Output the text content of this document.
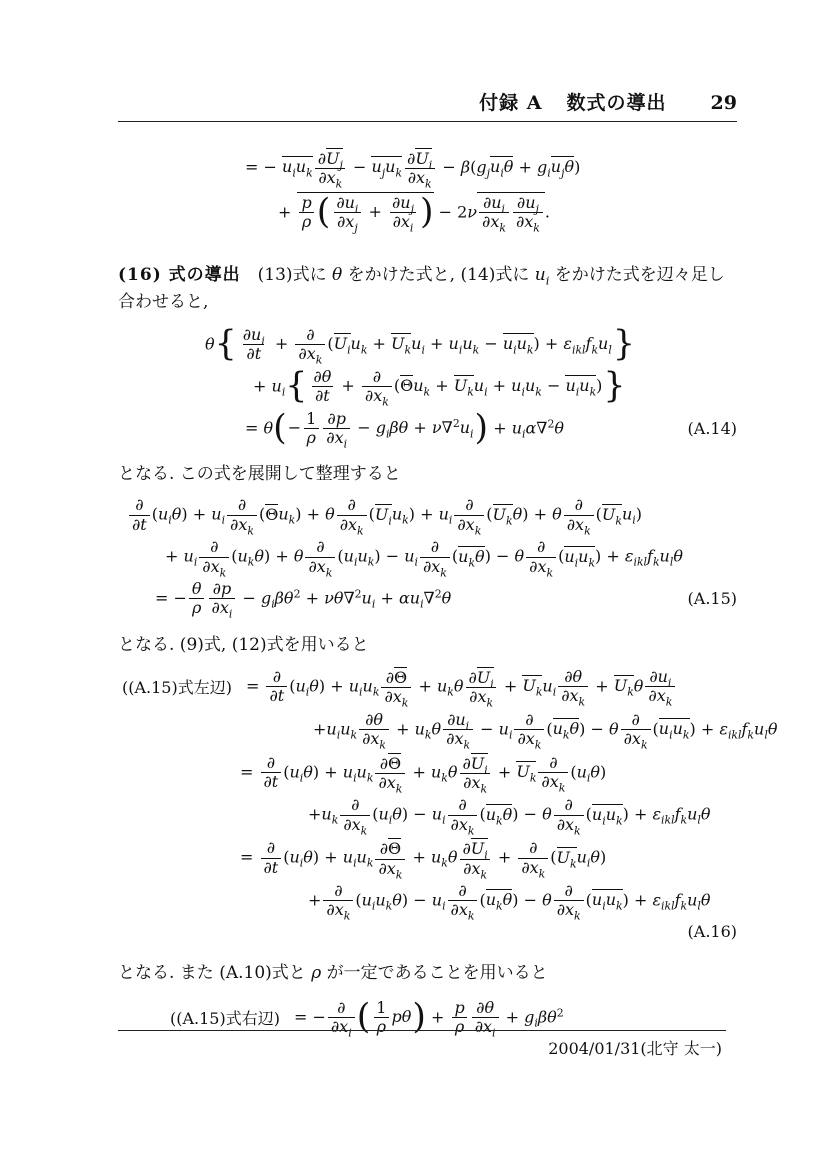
付録 A 数式の導出 29
= − $u_iu_k \frac{\partial U_j}{\partial x_k} - u_ju_k \frac{\partial U_i}{\partial x_k} - \beta(g_ju_i\theta + g_iu_j\theta)$
+ $\frac{p}{\rho}$ ( $\frac{\partial u_i}{\partial x_j} + \frac{\partial u_j}{\partial x_i}$ ) − $2\nu \frac{\partial u_i}{\partial x_k} \frac{\partial u_j}{\partial x_k}$ .
(16) 式の導出　(13)式に θ をかけた式と, (14)式に $u_i$ をかけた式を辺々足し合わせると,
θ { $\frac{\partial u_i}{\partial t}$ + ∂
$\partial x_k$
$(U_iu_k + U_ku_i + u_iu_k - u_iu_k) + \varepsilon_{ikl}f_ku_l$ }
+ $u_i$ { $\frac{\partial\theta}{\partial t}$ + ∂
$\partial x_k$
$(\Theta u_k + U_ku_i + u_iu_k - u_iu_k)$ }
= θ ( − $\frac{1}{\rho} \frac{\partial p}{\partial x_i} - g_i\beta\theta + \nu\nabla^2u_i$ ) + $u_i\alpha\nabla^2\theta$	(A.14)
となる. この式を展開して整理すると
∂
∂t
$(u_i\theta) + u_i$
∂
$\partial x_k$
$(\Theta u_k) + \theta$ ∂
$\partial x_k$
$(U_iu_k) + u_i$
∂
$\partial x_k$
$(U_k\theta) + \theta$ ∂
$\partial x_k$
$(U_ku_i)$
+ $u_i$
∂
$\partial x_k$
$(u_k\theta) + \theta$ ∂
$\partial x_k$
$(u_iu_k) - u_i$
∂
$\partial x_k$
$(u_k\theta) - \theta$ ∂
$\partial x_k$
$(u_iu_k) + \varepsilon_{ikl}f_ku_l\theta$
= − $\frac{\theta}{\rho} \frac{\partial p}{\partial x_i} - g_i\beta\theta^2 + \nu\theta\nabla^2u_i + \alpha u_i\nabla^2\theta$	(A.15)
となる. (9)式, (12)式を用いると
((A.15)式左辺) = ∂
∂t
$(u_i\theta) + u_iu_k \frac{\partial\Theta}{\partial x_k} + u_k\theta \frac{\partial U_i}{\partial x_k} + U_ku_i \frac{\partial\theta}{\partial x_k} + U_k\theta \frac{\partial u_i}{\partial x_k}$
$+u_iu_k \frac{\partial\theta}{\partial x_k} + u_k\theta \frac{\partial u_i}{\partial x_k} - u_i$
∂
$\partial x_k$
$(u_k\theta) - \theta$ ∂
$\partial x_k$
$(u_iu_k) + \varepsilon_{ikl}f_ku_l\theta$
= ∂
∂t
$(u_i\theta) + u_iu_k \frac{\partial\Theta}{\partial x_k} + u_k\theta \frac{\partial U_i}{\partial x_k} + U_k$
∂
$\partial x_k$
$(u_i\theta)$
$+u_k$
∂
$\partial x_k$
$(u_i\theta) - u_i$
∂
$\partial x_k$
$(u_k\theta) - \theta$ ∂
$\partial x_k$
$(u_iu_k) + \varepsilon_{ikl}f_ku_l\theta$
= ∂
∂t
$(u_i\theta) + u_iu_k \frac{\partial\Theta}{\partial x_k} + u_k\theta \frac{\partial U_i}{\partial x_k}$ + ∂
$\partial x_k$
$(U_ku_i\theta)$
+ ∂
$\partial x_k$
$(u_iu_k\theta) - u_i$
∂
$\partial x_k$
$(u_k\theta) - \theta$ ∂
$\partial x_k$
$(u_iu_k) + \varepsilon_{ikl}f_ku_l\theta$
(A.16)
となる. また (A.10)式と ρ が一定であることを用いると
((A.15)式右辺) = − ∂
$\partial x_i$ ( $\frac{1}{\rho}$ pθ ) + $\frac{p}{\rho} \frac{\partial\theta}{\partial x_i} + g_i\beta\theta^2$
2004/01/31(北守 太一)
